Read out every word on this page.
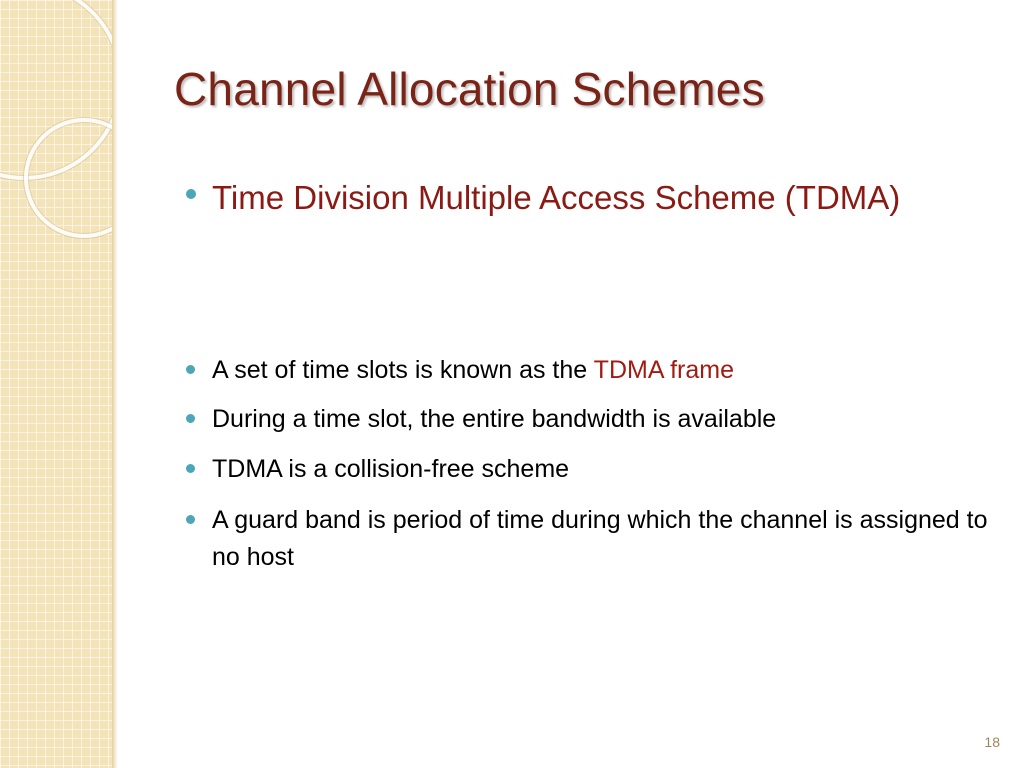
Channel Allocation Schemes
Time Division Multiple Access Scheme (TDMA)
A set of time slots is known as the TDMA frame
During a time slot, the entire bandwidth is available
TDMA is a collision-free scheme
A guard band is period of time during which the channel is assigned to no host
18
